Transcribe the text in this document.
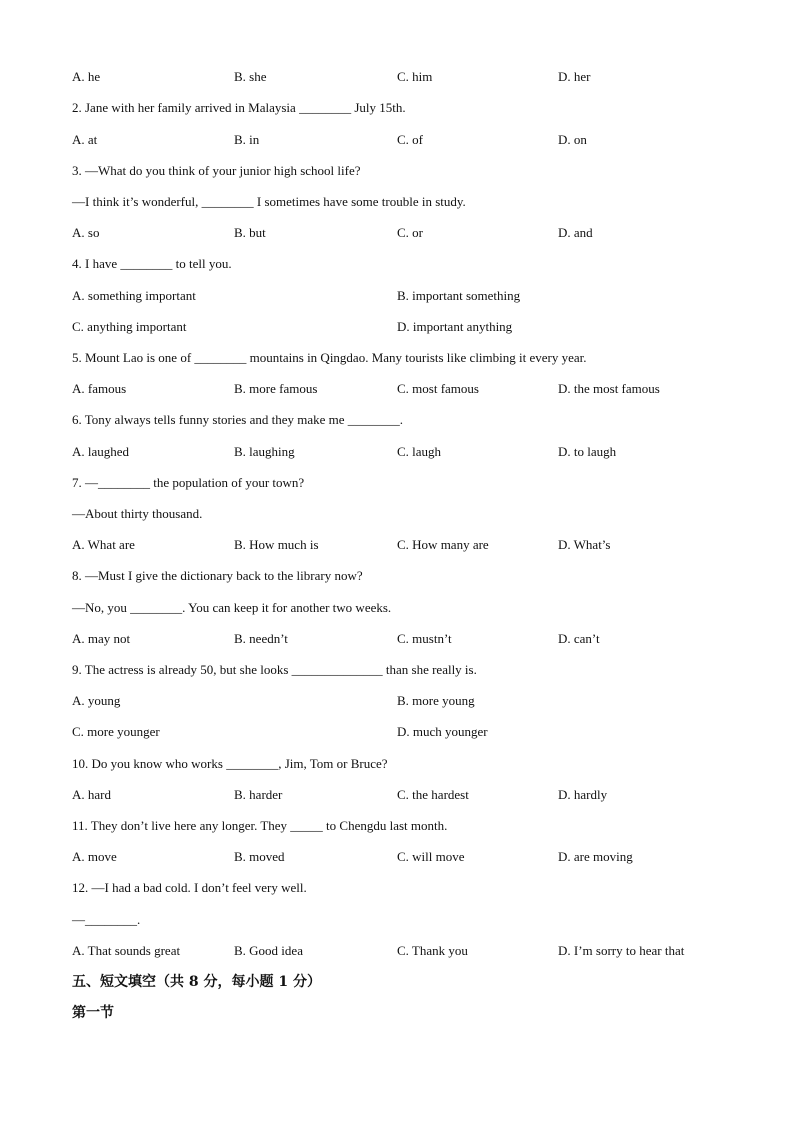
A. he	B. she	C. him	D. her
2. Jane with her family arrived in Malaysia ________ July 15th.
A. at	B. in	C. of	D. on
3. —What do you think of your junior high school life?
—I think it’s wonderful, ________ I sometimes have some trouble in study.
A. so	B. but	C. or	D. and
4. I have ________ to tell you.
A. something important	B. important something
C. anything important	D. important anything
5. Mount Lao is one of ________ mountains in Qingdao. Many tourists like climbing it every year.
A. famous	B. more famous	C. most famous	D. the most famous
6. Tony always tells funny stories and they make me ________.
A. laughed	B. laughing	C. laugh	D. to laugh
7. —________ the population of your town?
—About thirty thousand.
A. What are	B. How much is	C. How many are	D. What’s
8. —Must I give the dictionary back to the library now?
—No, you ________. You can keep it for another two weeks.
A. may not	B. needn’t	C. mustn’t	D. can’t
9. The actress is already 50, but she looks ______________ than she really is.
A. young	B. more young
C. more younger	D. much younger
10. Do you know who works ________, Jim, Tom or Bruce?
A. hard	B. harder	C. the hardest	D. hardly
11. They don’t live here any longer. They _____ to Chengdu last month.
A. move	B. moved	C. will move	D. are moving
12. —I had a bad cold. I don’t feel very well.
—________.
A. That sounds great	B. Good idea	C. Thank you	D. I’m sorry to hear that
五、短文填空（共 8 分，每小题 1 分）
第一节
